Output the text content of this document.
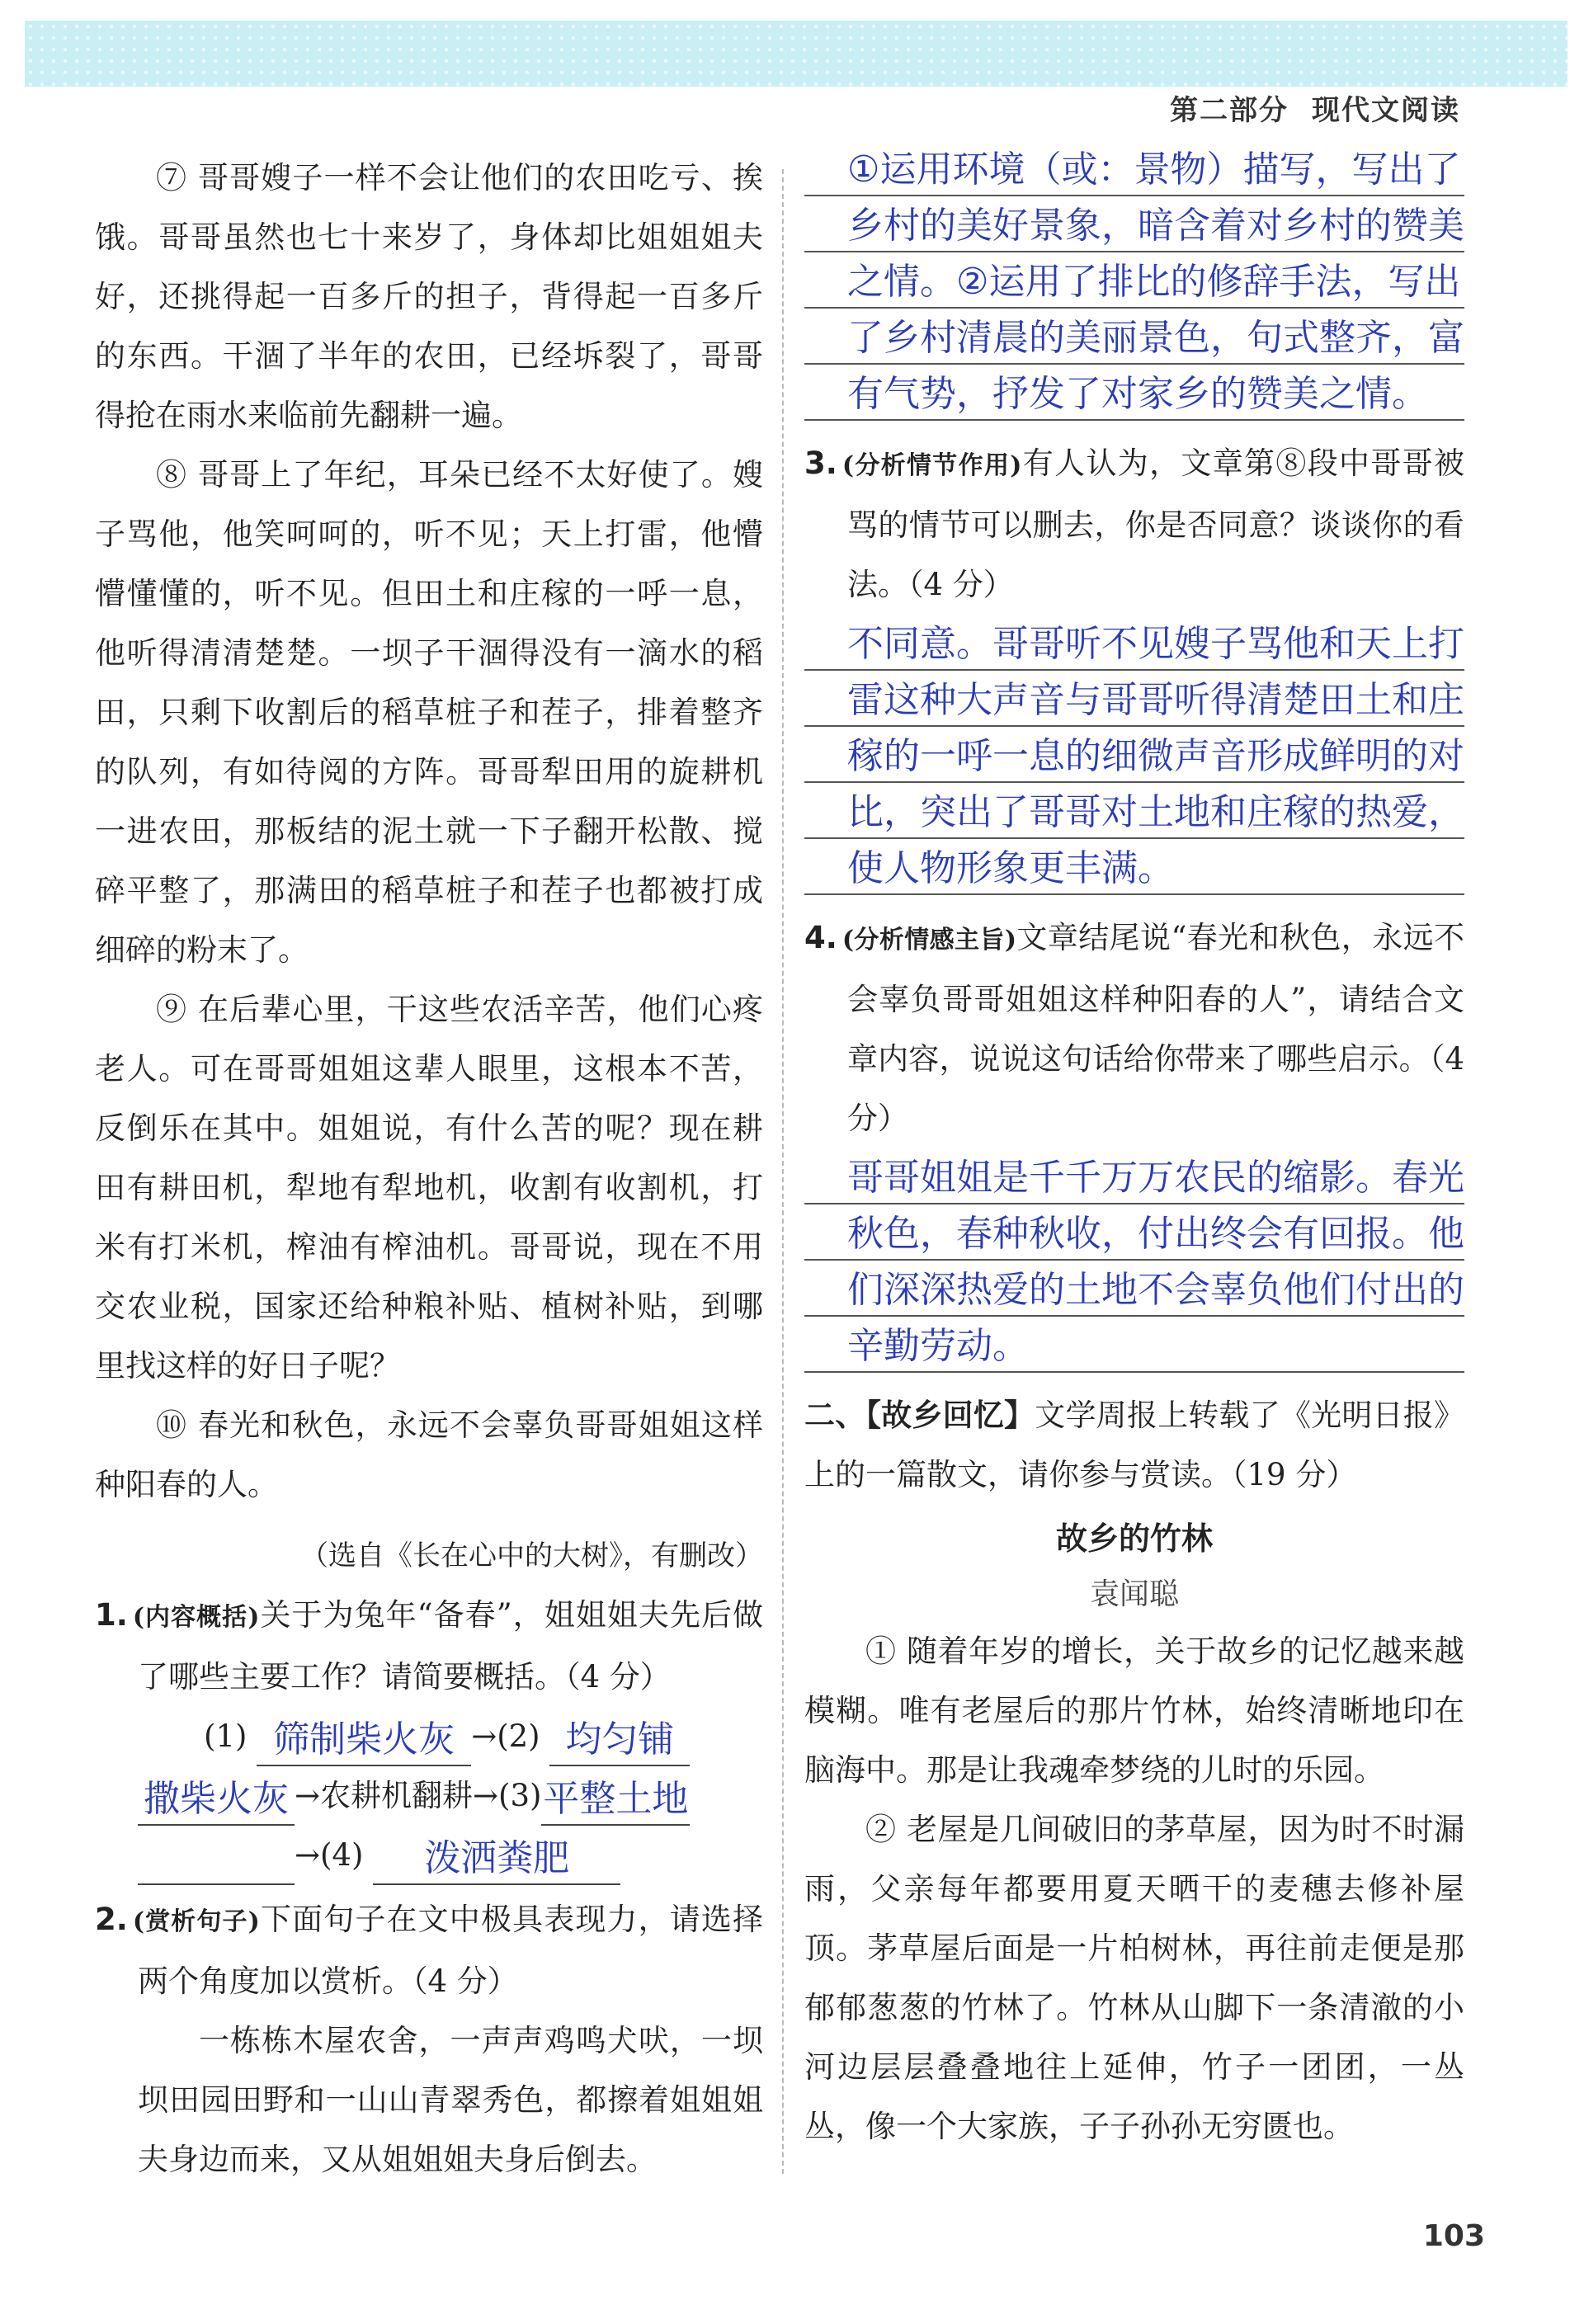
第二部分 现代文阅读

⑦ 哥哥嫂子一样不会让他们的农田吃亏、挨饿。哥哥虽然也七十来岁了，身体却比姐姐姐夫好，还挑得起一百多斤的担子，背得起一百多斤的东西。干涸了半年的农田，已经坼裂了，哥哥得抢在雨水来临前先翻耕一遍。

⑧ 哥哥上了年纪，耳朵已经不太好使了。嫂子骂他，他笑呵呵的，听不见；天上打雷，他懵懵懂懂的，听不见。但田土和庄稼的一呼一息，他听得清清楚楚。一坝子干涸得没有一滴水的稻田，只剩下收割后的稻草桩子和茬子，排着整齐的队列，有如待阅的方阵。哥哥犁田用的旋耕机一进农田，那板结的泥土就一下子翻开松散、搅碎平整了，那满田的稻草桩子和茬子也都被打成细碎的粉末了。

⑨ 在后辈心里，干这些农活辛苦，他们心疼老人。可在哥哥姐姐这辈人眼里，这根本不苦，反倒乐在其中。姐姐说，有什么苦的呢？现在耕田有耕田机，犁地有犁地机，收割有收割机，打米有打米机，榨油有榨油机。哥哥说，现在不用交农业税，国家还给种粮补贴、植树补贴，到哪里找这样的好日子呢？

⑩ 春光和秋色，永远不会辜负哥哥姐姐这样种阳春的人。

（选自《长在心中的大树》，有删改）

1. (内容概括)关于为兔年“备春”，姐姐姐夫先后做了哪些主要工作？请简要概括。（4 分）
(1) 筛制柴火灰 →(2) 均匀铺
撒柴火灰 →农耕机翻耕→(3)平整土地
→(4) 泼洒粪肥
2. (赏析句子)下面句子在文中极具表现力，请选择两个角度加以赏析。（4 分）
一栋栋木屋农舍，一声声鸡鸣犬吠，一坝坝田园田野和一山山青翠秀色，都擦着姐姐姐夫身边而来，又从姐姐姐夫身后倒去。
①运用环境（或：景物）描写，写出了乡村的美好景象，暗含着对乡村的赞美之情。②运用了排比的修辞手法，写出了乡村清晨的美丽景色，句式整齐，富有气势，抒发了对家乡的赞美之情。
3. (分析情节作用)有人认为，文章第⑧段中哥哥被骂的情节可以删去，你是否同意？谈谈你的看法。（4 分）
不同意。哥哥听不见嫂子骂他和天上打雷这种大声音与哥哥听得清楚田土和庄稼的一呼一息的细微声音形成鲜明的对比，突出了哥哥对土地和庄稼的热爱，使人物形象更丰满。
4. (分析情感主旨)文章结尾说“春光和秋色，永远不会辜负哥哥姐姐这样种阳春的人”，请结合文章内容，说说这句话给你带来了哪些启示。（4 分）
哥哥姐姐是千千万万农民的缩影。春光秋色，春种秋收，付出终会有回报。他们深深热爱的土地不会辜负他们付出的辛勤劳动。
二、【故乡回忆】文学周报上转载了《光明日报》上的一篇散文，请你参与赏读。（19 分）
故乡的竹林
袁闻聪

① 随着年岁的增长，关于故乡的记忆越来越模糊。唯有老屋后的那片竹林，始终清晰地印在脑海中。那是让我魂牵梦绕的儿时的乐园。

② 老屋是几间破旧的茅草屋，因为时不时漏雨，父亲每年都要用夏天晒干的麦穗去修补屋顶。茅草屋后面是一片柏树林，再往前走便是那郁郁葱葱的竹林了。竹林从山脚下一条清澈的小河边层层叠叠地往上延伸，竹子一团团，一丛丛，像一个大家族，子子孙孙无穷匮也。

103
